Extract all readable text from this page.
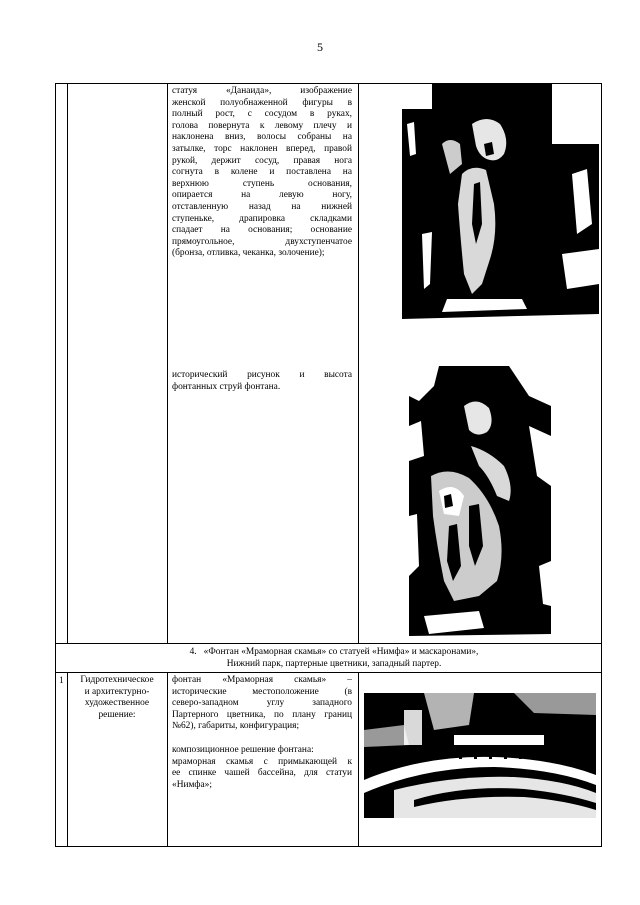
5

статуя «Данаида», изображение

женской полуобнаженной фигуры в

полный рост, с сосудом в руках,

голова повернута к левому плечу и

наклонена вниз, волосы собраны на

затылке, торс наклонен вперед, правой

рукой, держит сосуд, правая нога

согнута в колене и поставлена на

верхнюю ступень основания,

опирается на левую ногу,

отставленную назад на нижней

ступеньке, драпировка складками

спадает на основания; основание

прямоугольное, двухступенчатое

(бронза, отливка, чеканка, золочение);

исторический рисунок и высота

фонтанных струй фонтана.

4.   «Фонтан «Мраморная скамья» со статуей «Нимфа» и маскаронами»,

Нижний парк, партерные цветники, западный партер.

1	Гидротехническое

и архитектурно-

художественное

решение:

фонтан «Мраморная скамья» –

исторические местоположение (в

северо-западном углу западного

Партерного цветника, по плану границ

№62), габариты, конфигурация;

композиционное решение фонтана:

мраморная скамья с примыкающей к

ее спинке чашей бассейна, для статуи

«Нимфа»;
